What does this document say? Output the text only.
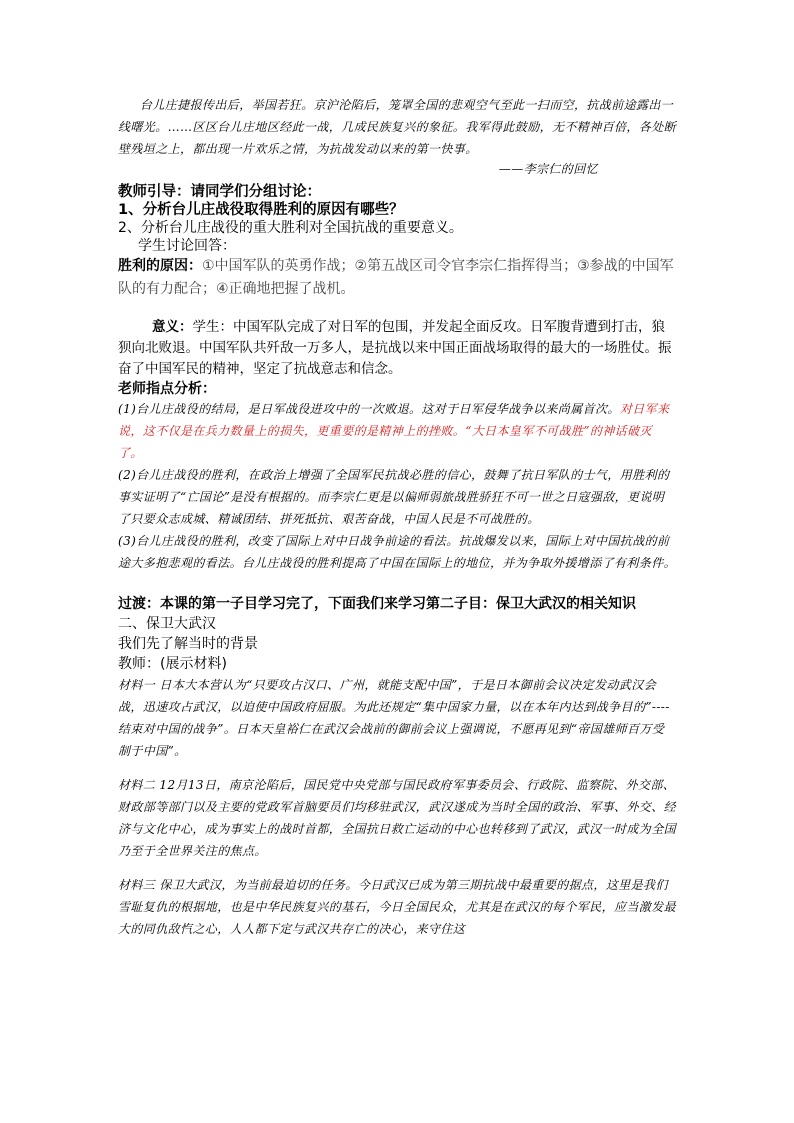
台儿庄捷报传出后，举国若狂。京沪沦陷后，笼罩全国的悲观空气至此一扫而空，抗战前途露出一线曙光。……区区台儿庄地区经此一战，几成民族复兴的象征。我军得此鼓励，无不精神百倍，各处断壁残垣之上，都出现一片欢乐之情，为抗战发动以来的第一快事。

——李宗仁的回忆

教师引导：请同学们分组讨论：

1、分析台儿庄战役取得胜利的原因有哪些？

2、分析台儿庄战役的重大胜利对全国抗战的重要意义。

学生讨论回答：

胜利的原因：①中国军队的英勇作战；②第五战区司令官李宗仁指挥得当；③参战的中国军队的有力配合；④正确地把握了战机。

意义：学生：中国军队完成了对日军的包围，并发起全面反攻。日军腹背遭到打击，狼狈向北败退。中国军队共歼敌一万多人，是抗战以来中国正面战场取得的最大的一场胜仗。振奋了中国军民的精神，坚定了抗战意志和信念。

老师指点分析：

(1)台儿庄战役的结局，是日军战役进攻中的一次败退。这对于日军侵华战争以来尚属首次。对日军来说，这不仅是在兵力数量上的损失，更重要的是精神上的挫败。“大日本皇军不可战胜”的神话破灭了。

(2)台儿庄战役的胜利，在政治上增强了全国军民抗战必胜的信心，鼓舞了抗日军队的士气，用胜利的事实证明了“亡国论”是没有根据的。而李宗仁更是以偏师弱旅战胜骄狂不可一世之日寇强敌，更说明了只要众志成城、精诚团结、拼死抵抗、艰苦奋战，中国人民是不可战胜的。

(3)台儿庄战役的胜利，改变了国际上对中日战争前途的看法。抗战爆发以来，国际上对中国抗战的前途大多抱悲观的看法。台儿庄战役的胜利提高了中国在国际上的地位，并为争取外援增添了有利条件。

过渡：本课的第一子目学习完了，下面我们来学习第二子目：保卫大武汉的相关知识

二、保卫大武汉

我们先了解当时的背景

教师：(展示材料)

材料一 日本大本营认为“只要攻占汉口、广州，就能支配中国”，于是日本御前会议决定发动武汉会战，迅速攻占武汉，以迫使中国政府屈服。为此还规定“集中国家力量，以在本年内达到战争目的”----结束对中国的战争”。日本天皇裕仁在武汉会战前的御前会议上强调说，不愿再见到“帝国雄师百万受制于中国”。

材料二 12月13日，南京沦陷后，国民党中央党部与国民政府军事委员会、行政院、监察院、外交部、财政部等部门以及主要的党政军首脑要员们均移驻武汉，武汉遂成为当时全国的政治、军事、外交、经济与文化中心，成为事实上的战时首都，全国抗日救亡运动的中心也转移到了武汉，武汉一时成为全国乃至于全世界关注的焦点。

材料三 保卫大武汉，为当前最迫切的任务。今日武汉已成为第三期抗战中最重要的据点，这里是我们雪耻复仇的根据地，也是中华民族复兴的基石，今日全国民众，尤其是在武汉的每个军民，应当激发最大的同仇敌忾之心，人人都下定与武汉共存亡的决心，来守住这
